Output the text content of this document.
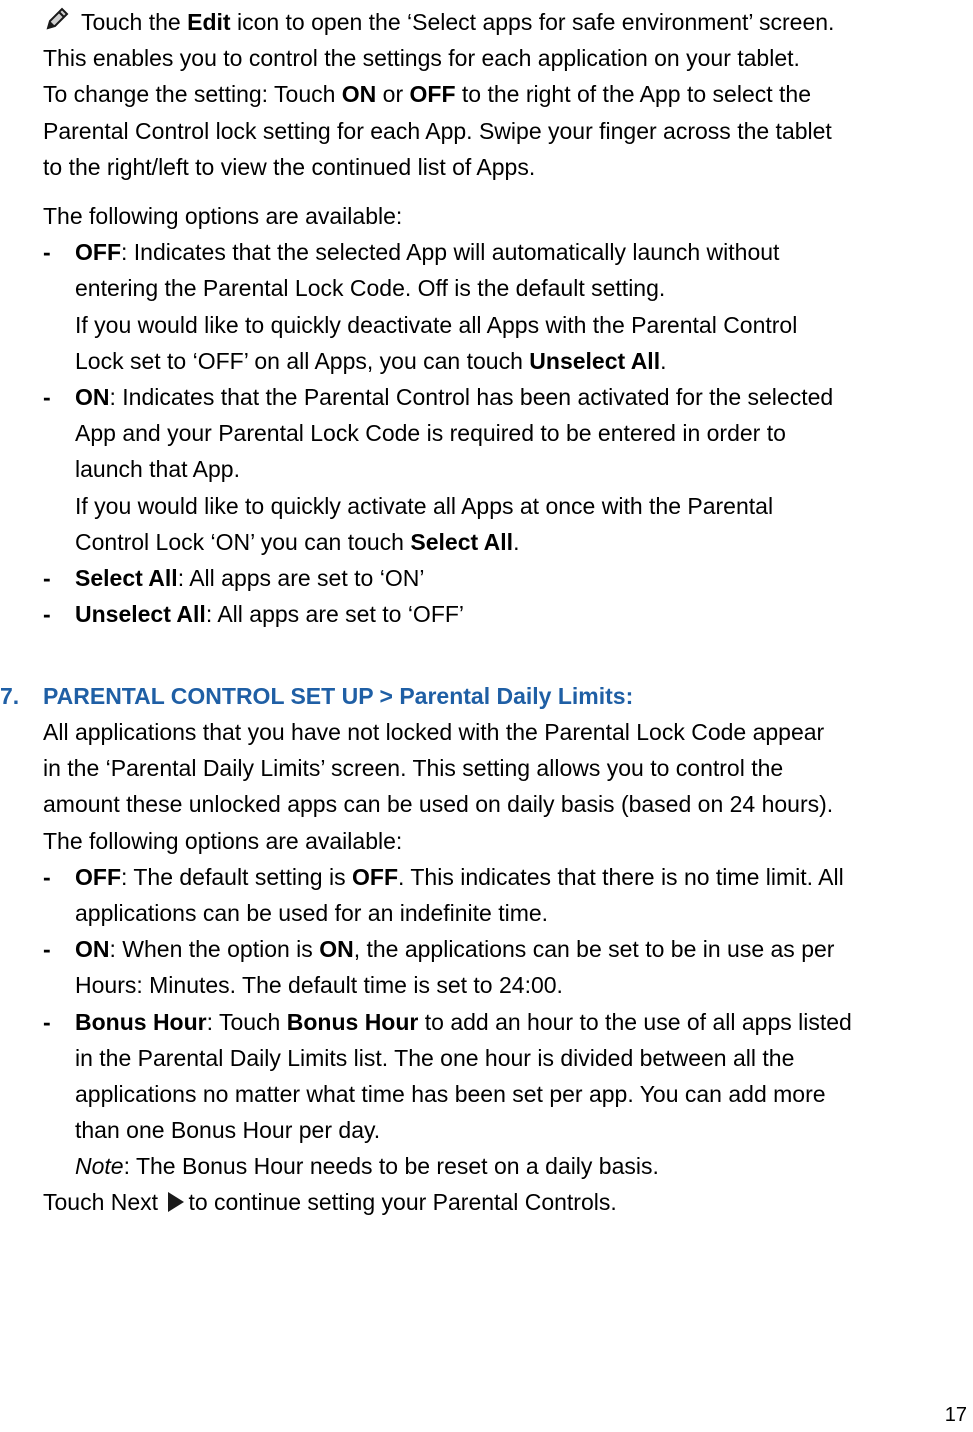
Touch the Edit icon to open the ‘Select apps for safe environment’ screen.
This enables you to control the settings for each application on your tablet.
To change the setting: Touch ON or OFF to the right of the App to select the
Parental Control lock setting for each App. Swipe your finger across the tablet
to the right/left to view the continued list of Apps.
The following options are available:
- OFF: Indicates that the selected App will automatically launch without
entering the Parental Lock Code. Off is the default setting.
If you would like to quickly deactivate all Apps with the Parental Control
Lock set to ‘OFF’ on all Apps, you can touch Unselect All.
- ON: Indicates that the Parental Control has been activated for the selected
App and your Parental Lock Code is required to be entered in order to
launch that App.
If you would like to quickly activate all Apps at once with the Parental
Control Lock ‘ON’ you can touch Select All.
- Select All: All apps are set to ‘ON’
- Unselect All: All apps are set to ‘OFF’
7. PARENTAL CONTROL SET UP > Parental Daily Limits:
All applications that you have not locked with the Parental Lock Code appear
in the ‘Parental Daily Limits’ screen. This setting allows you to control the
amount these unlocked apps can be used on daily basis (based on 24 hours).
The following options are available:
- OFF: The default setting is OFF. This indicates that there is no time limit. All
applications can be used for an indefinite time.
- ON: When the option is ON, the applications can be set to be in use as per
Hours: Minutes. The default time is set to 24:00.
- Bonus Hour: Touch Bonus Hour to add an hour to the use of all apps listed
in the Parental Daily Limits list. The one hour is divided between all the
applications no matter what time has been set per app. You can add more
than one Bonus Hour per day.
Note: The Bonus Hour needs to be reset on a daily basis.
Touch Next to continue setting your Parental Controls.
17
